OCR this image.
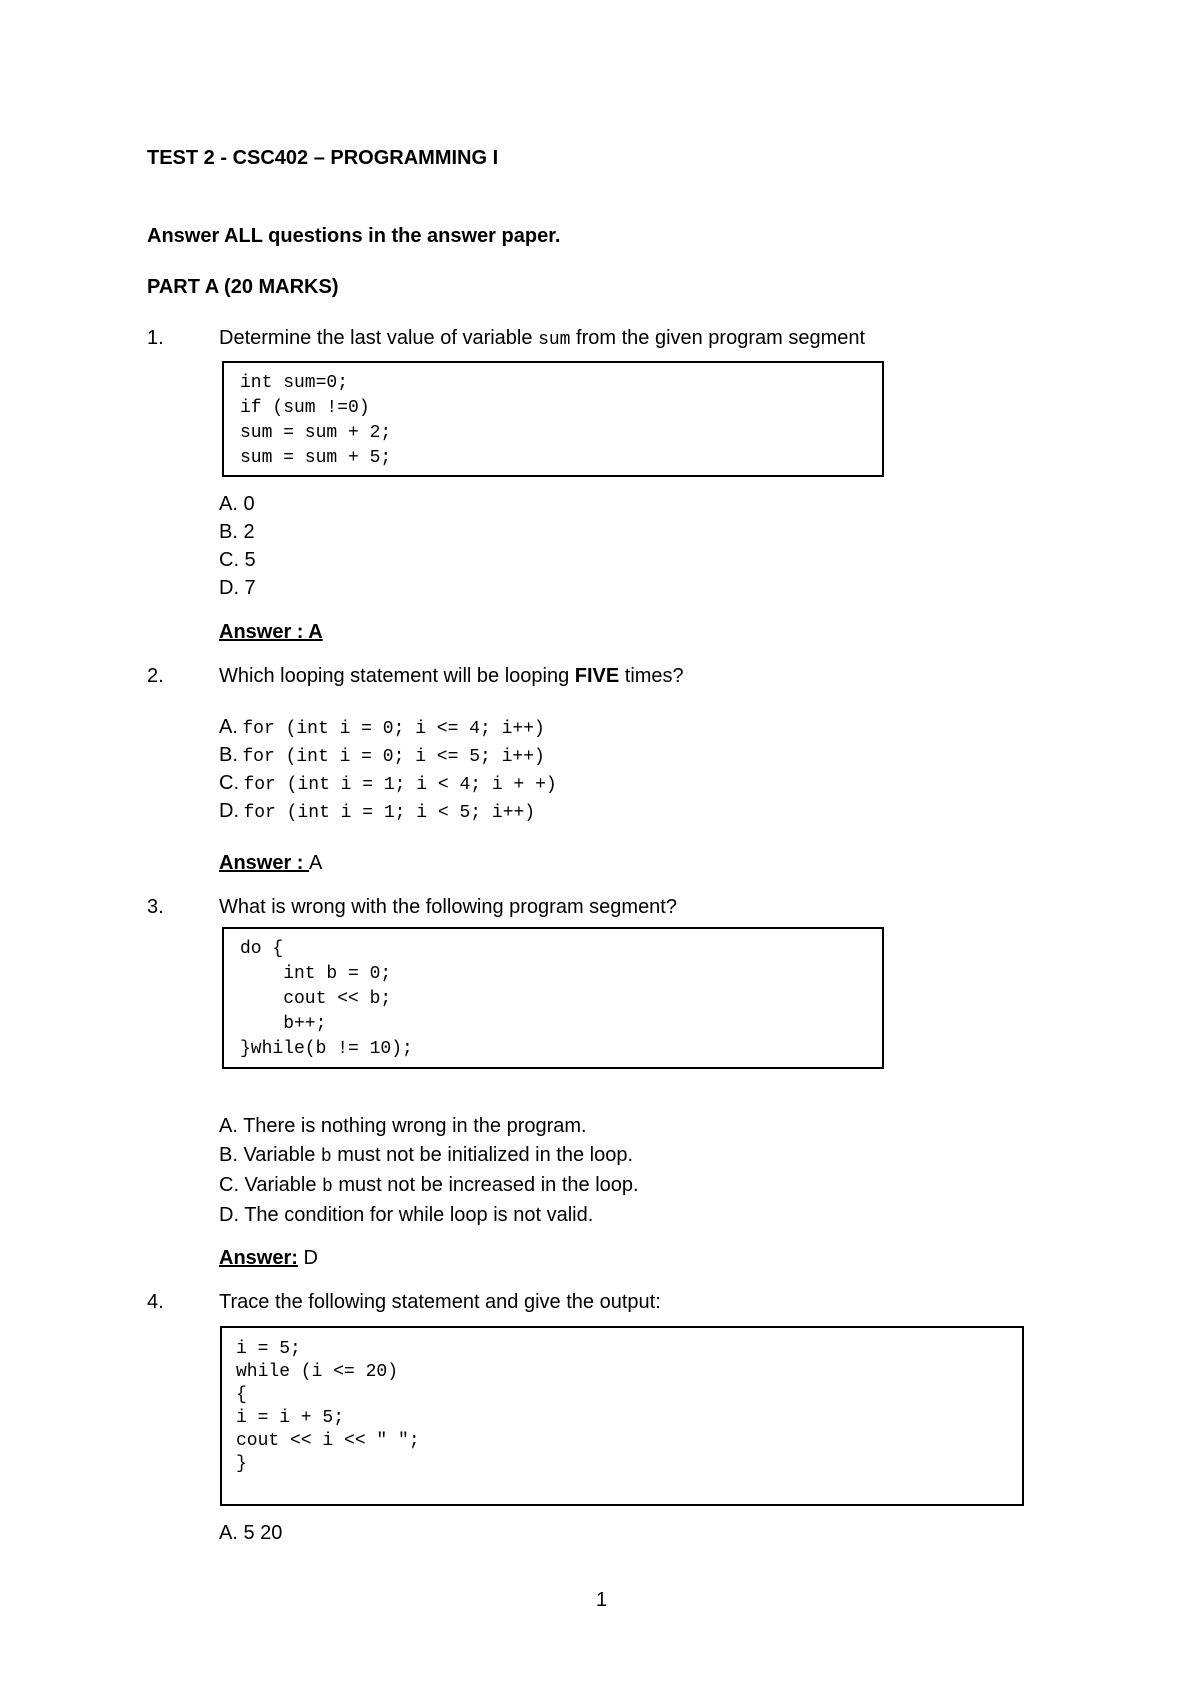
TEST 2 - CSC402 – PROGRAMMING I
Answer ALL questions in the answer paper.
PART A (20 MARKS)
1.	Determine the last value of variable sum from the given program segment
int sum=0;
if (sum !=0)
sum = sum + 2;
sum = sum + 5;
A. 0
B. 2
C. 5
D. 7
Answer : A
2.	Which looping statement will be looping FIVE times?
A. for (int i = 0; i <= 4; i++)
B. for (int i = 0; i <= 5; i++)
C. for (int i = 1; i < 4; i + +)
D. for (int i = 1; i < 5; i++)
Answer : A
3.	What is wrong with the following program segment?
do {
int b = 0;
cout << b;
b++;
}while(b != 10);
A. There is nothing wrong in the program.
B. Variable b must not be initialized in the loop.
C. Variable b must not be increased in the loop.
D. The condition for while loop is not valid.
Answer: D
4.	Trace the following statement and give the output:
i = 5;
while (i <= 20)
{
i = i + 5;
cout << i << " ";
}
A. 5 20
1
